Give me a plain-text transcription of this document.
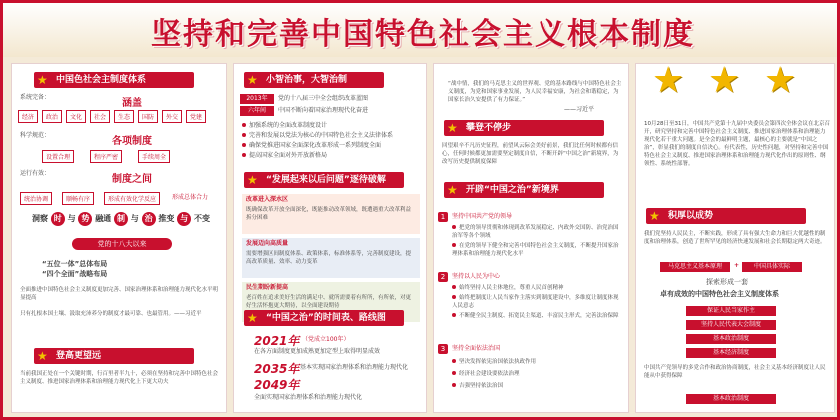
坚持和完善中国特色社会主义根本制度
★ 中国色社会主制度体系
系统完备：
涵盖
经济	政治	文化	社会	生态	国防	外交	党建
科学规范：
各项制度
设置合理	程序严密	手续周全
运行有效：
制度之间
统治协调	顺畅有序	形成有效化学反应	形成总体合力
洞察 时 与 势 融通 制 与 治 推变 与 不变
党的十八大以来
“五位一体”总体布局
“四个全面”战略布局
全面推进中国特色社会主义制度更加完善、国家治理体系和治理能力现代化水平明显提高
只有扎根本国土壤、汲取充沛养分的制度才最可靠、也最管用。——习近平
★ 登高更望远
当前我国正处在一个关键时期，行百里者半九十，必须在坚持和完善中国特色社会主义制度、推进国家治理体系和治理能力现代化上下更大功夫
★ 小智治事，大智治制
2013年	党的十八届三中全会组织改革蓝图
六年间	中国不断向着国家治理现代化奋进
加强系统的全面改革制度设计
完善和发展以党法为核心的中国特色社会主义法律体系
确保党推进国家全面深化改革形成一系列制度全面
提高国家全面对外开放新格局
★ “发展起来以后问题”逐待破解
改革进入深水区
既确保改革开放全面深化，既能推动改革领域，既遭遇重大改革利益拆分困难
发展迈向高质量
需要增强区间制度体系、政策体系，标准体系等，完善制度建设，提高改革质量、效率、动力变革
民生期盼新提高
老百姓在追求美好生活的满足中、就所需要着有所所，有所依，对更好生活怀抱更大期待，以全面建设期待
★ “中国之治”的时间表、路线图
2021年 （党成立100年）
在各方面制度更加成熟更加定型上取得明显成效
2035年 基本实现国家治理体系和治理能力现代化
2049年
全面实现国家治理体系和治理能力现代化
“战中情，我们的马克思主义的世界观、党的基本路线与中国特色社会主义制度，为党和国家事业发展，为人民幸福安康，为社会和谐稳定，为国家长治久安提供了有力保证。”
——习近平
★ 攀登不停步
回望艰辛不凡历史征程，前望风云际会美好前景，我们比任何时候都有信心，任何时候都更加需要坚定制度自信，不断开辟“中国之治”新境界，为改写历史提供制度保障
★ 开辟“中国之治”新境界
1	坚持中国共产党的领导
把党的领导贯彻和体现到改革发展稳定、内政外交国防、治党治国治军等各个领域
在党的领导下健全和完善中国特色社会主义制度，不断提升国家治理体系和治理能力现代化水平
2	坚持以人民为中心
始终坚持人民主体地位，尊重人民首创精神
始终把制度让人民当家作主落实到制度建设中，多维度让制度体现人民意志
不断健全民主制度、拓宽民主渠道、丰富民主形式，完善法治保障
3	坚持全面依法治国
坚决发挥依宪治国依法执政作用
经济社会建设要依法治理
吉强坚持依法治国
★ ★ ★
10月28日至31日，中国共产党第十九届中央委员会第四次全体会议在北京召开，研究坚持和完善中国特色社会主义制度、推进国家治理体系和治理能力现代化若干重大问题。是全会的最鲜明主题，最核心的主要就是“中国之治”，彰显我们的制度自信决心。有代表性，历史性问题，对坚持和完善中国特色社会主义制度、推进国家治理体系和治理能力现代化作出的原则性、纲领性、系统性部署。
★ 积厚以成势
我们党坚持人民民主，不断实践，形成了具有强大生命力和巨大优越性的制度和治理体系，创造了世所罕见的经济快速发展和社会长期稳定两大奇迹。
马克思主义基本原理	+	中国具体实际
探索形成一套
卓有成效的中国特色社会主义制度体系
保证人民当家作主
坚持人民代表大会制度
基本政治制度
基本经济制度
中国共产党领导的多党合作和政治协商制度，社会主义基本经济制度让人民能从中获得保障
基本政治制度
